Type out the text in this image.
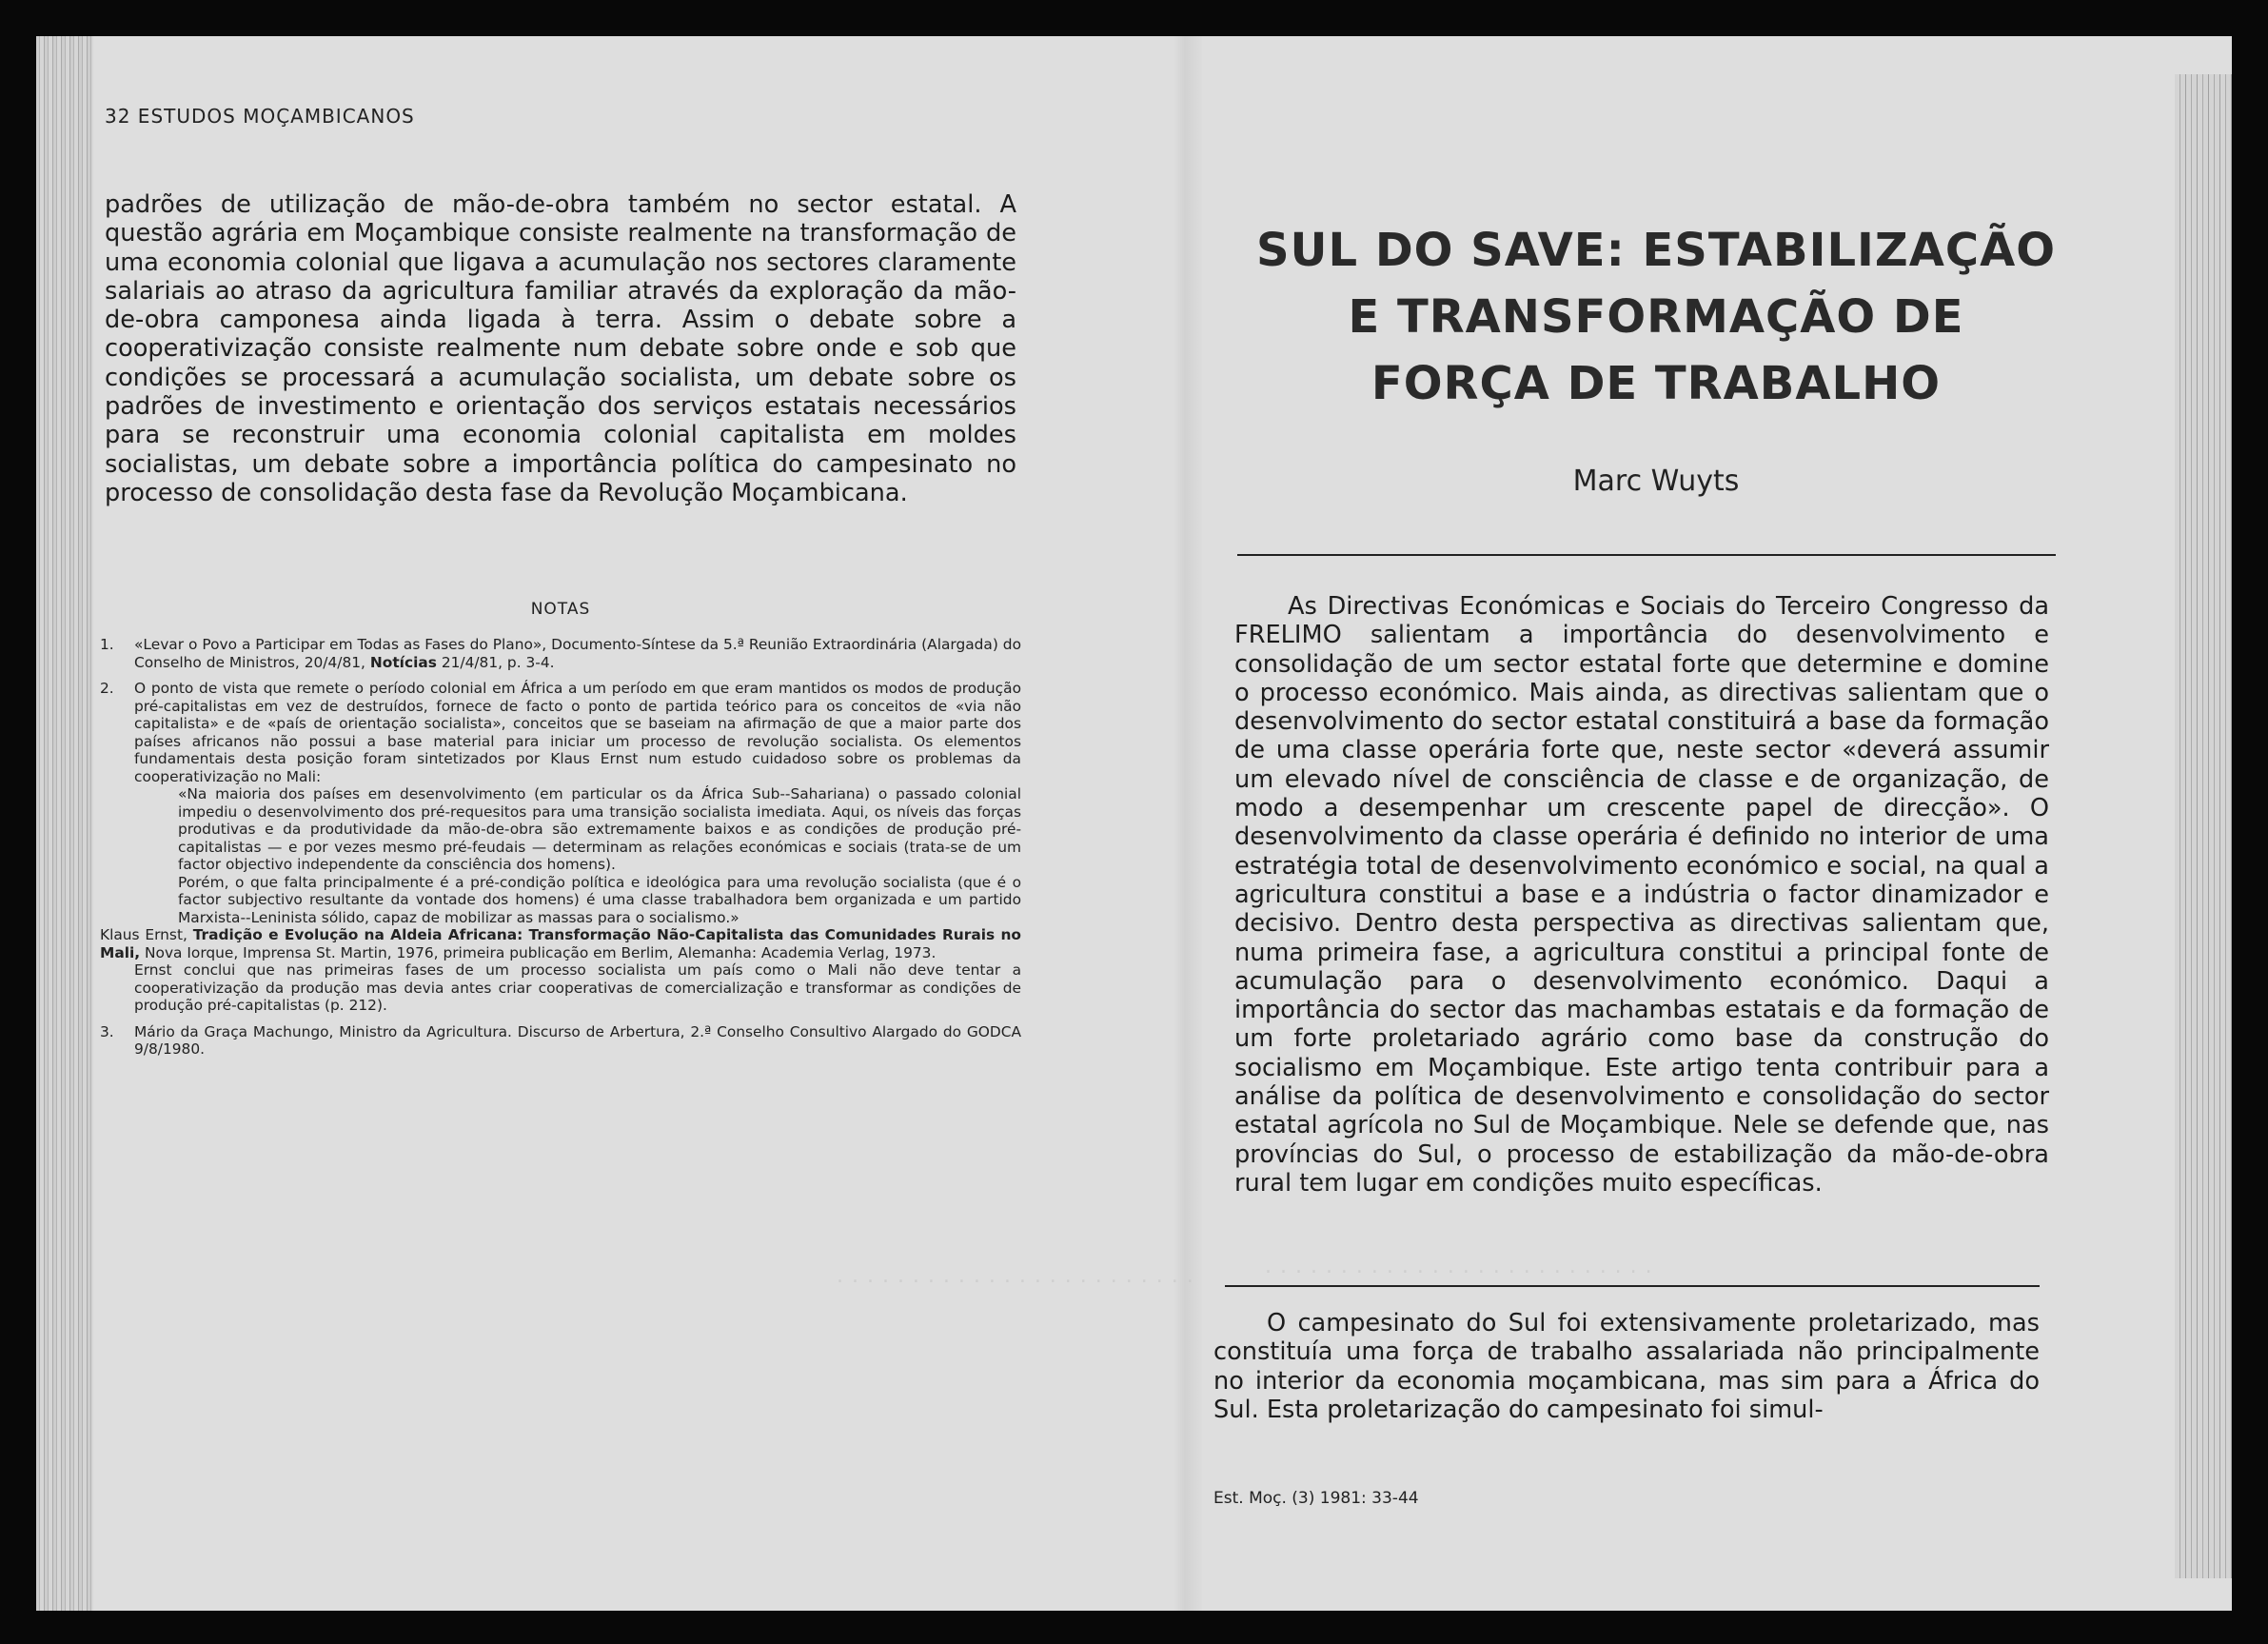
. . . . . . . . . . . . . . . . . . . . . . . .	. . . . . . . . . . . . . . . . . . . . . . . . . .
32 ESTUDOS MOÇAMBICANOS

padrões de utilização de mão-de-obra também no sector estatal. A questão agrária em Moçambique consiste realmente na transformação de uma economia colonial que ligava a acumulação nos sectores claramente salariais ao atraso da agricultura familiar através da exploração da mão-de-obra camponesa ainda ligada à terra. Assim o debate sobre a cooperativização consiste realmente num debate sobre onde e sob que condições se processará a acumulação socialista, um debate sobre os padrões de investimento e orientação dos serviços estatais necessários para se reconstruir uma economia colonial capitalista em moldes socialistas, um debate sobre a importância política do campesinato no processo de consolidação desta fase da Revolução Moçambicana.

NOTAS
1. «Levar o Povo a Participar em Todas as Fases do Plano», Documento-Síntese da 5.ª Reunião Extraordinária (Alargada) do Conselho de Ministros, 20/4/81, Notícias 21/4/81, p. 3-4.

2. O ponto de vista que remete o período colonial em África a um período em que eram mantidos os modos de produção pré-capitalistas em vez de destruídos, fornece de facto o ponto de partida teórico para os conceitos de «via não capitalista» e de «país de orientação socialista», conceitos que se baseiam na afirmação de que a maior parte dos países africanos não possui a base material para iniciar um processo de revolução socialista. Os elementos fundamentais desta posição foram sintetizados por Klaus Ernst num estudo cuidadoso sobre os problemas da cooperativização no Mali:

«Na maioria dos países em desenvolvimento (em particular os da África Sub--Sahariana) o passado colonial impediu o desenvolvimento dos pré-requesitos para uma transição socialista imediata. Aqui, os níveis das forças produtivas e da produtividade da mão-de-obra são extremamente baixos e as condições de produção pré-capitalistas — e por vezes mesmo pré-feudais — determinam as relações económicas e sociais (trata-se de um factor objectivo independente da consciência dos homens).

Porém, o que falta principalmente é a pré-condição política e ideológica para uma revolução socialista (que é o factor subjectivo resultante da vontade dos homens) é uma classe trabalhadora bem organizada e um partido Marxista--Leninista sólido, capaz de mobilizar as massas para o socialismo.»

Klaus Ernst, Tradição e Evolução na Aldeia Africana: Transformação Não-Capitalista das Comunidades Rurais no Mali, Nova Iorque, Imprensa St. Martin, 1976, primeira publicação em Berlim, Alemanha: Academia Verlag, 1973.

Ernst conclui que nas primeiras fases de um processo socialista um país como o Mali não deve tentar a cooperativização da produção mas devia antes criar cooperativas de comercialização e transformar as condições de produção pré-capitalistas (p. 212).

3. Mário da Graça Machungo, Ministro da Agricultura. Discurso de Arbertura, 2.ª Conselho Consultivo Alargado do GODCA 9/8/1980.

SUL DO SAVE: ESTABILIZAÇÃO
E TRANSFORMAÇÃO DE
FORÇA DE TRABALHO
Marc Wuyts

As Directivas Económicas e Sociais do Terceiro Congresso da FRELIMO salientam a importância do desenvolvimento e consolidação de um sector estatal forte que determine e domine o processo económico. Mais ainda, as directivas salientam que o desenvolvimento do sector estatal constituirá a base da formação de uma classe operária forte que, neste sector «deverá assumir um elevado nível de consciência de classe e de organização, de modo a desempenhar um crescente papel de direcção». O desenvolvimento da classe operária é definido no interior de uma estratégia total de desenvolvimento económico e social, na qual a agricultura constitui a base e a indústria o factor dinamizador e decisivo. Dentro desta perspectiva as directivas salientam que, numa primeira fase, a agricultura constitui a principal fonte de acumulação para o desenvolvimento económico. Daqui a importância do sector das machambas estatais e da formação de um forte proletariado agrário como base da construção do socialismo em Moçambique. Este artigo tenta contribuir para a análise da política de desenvolvimento e consolidação do sector estatal agrícola no Sul de Moçambique. Nele se defende que, nas províncias do Sul, o processo de estabilização da mão-de-obra rural tem lugar em condições muito específicas.

O campesinato do Sul foi extensivamente proletarizado, mas constituía uma força de trabalho assalariada não principalmente no interior da economia moçambicana, mas sim para a África do Sul. Esta proletarização do campesinato foi simul-

Est. Moç. (3) 1981: 33-44
